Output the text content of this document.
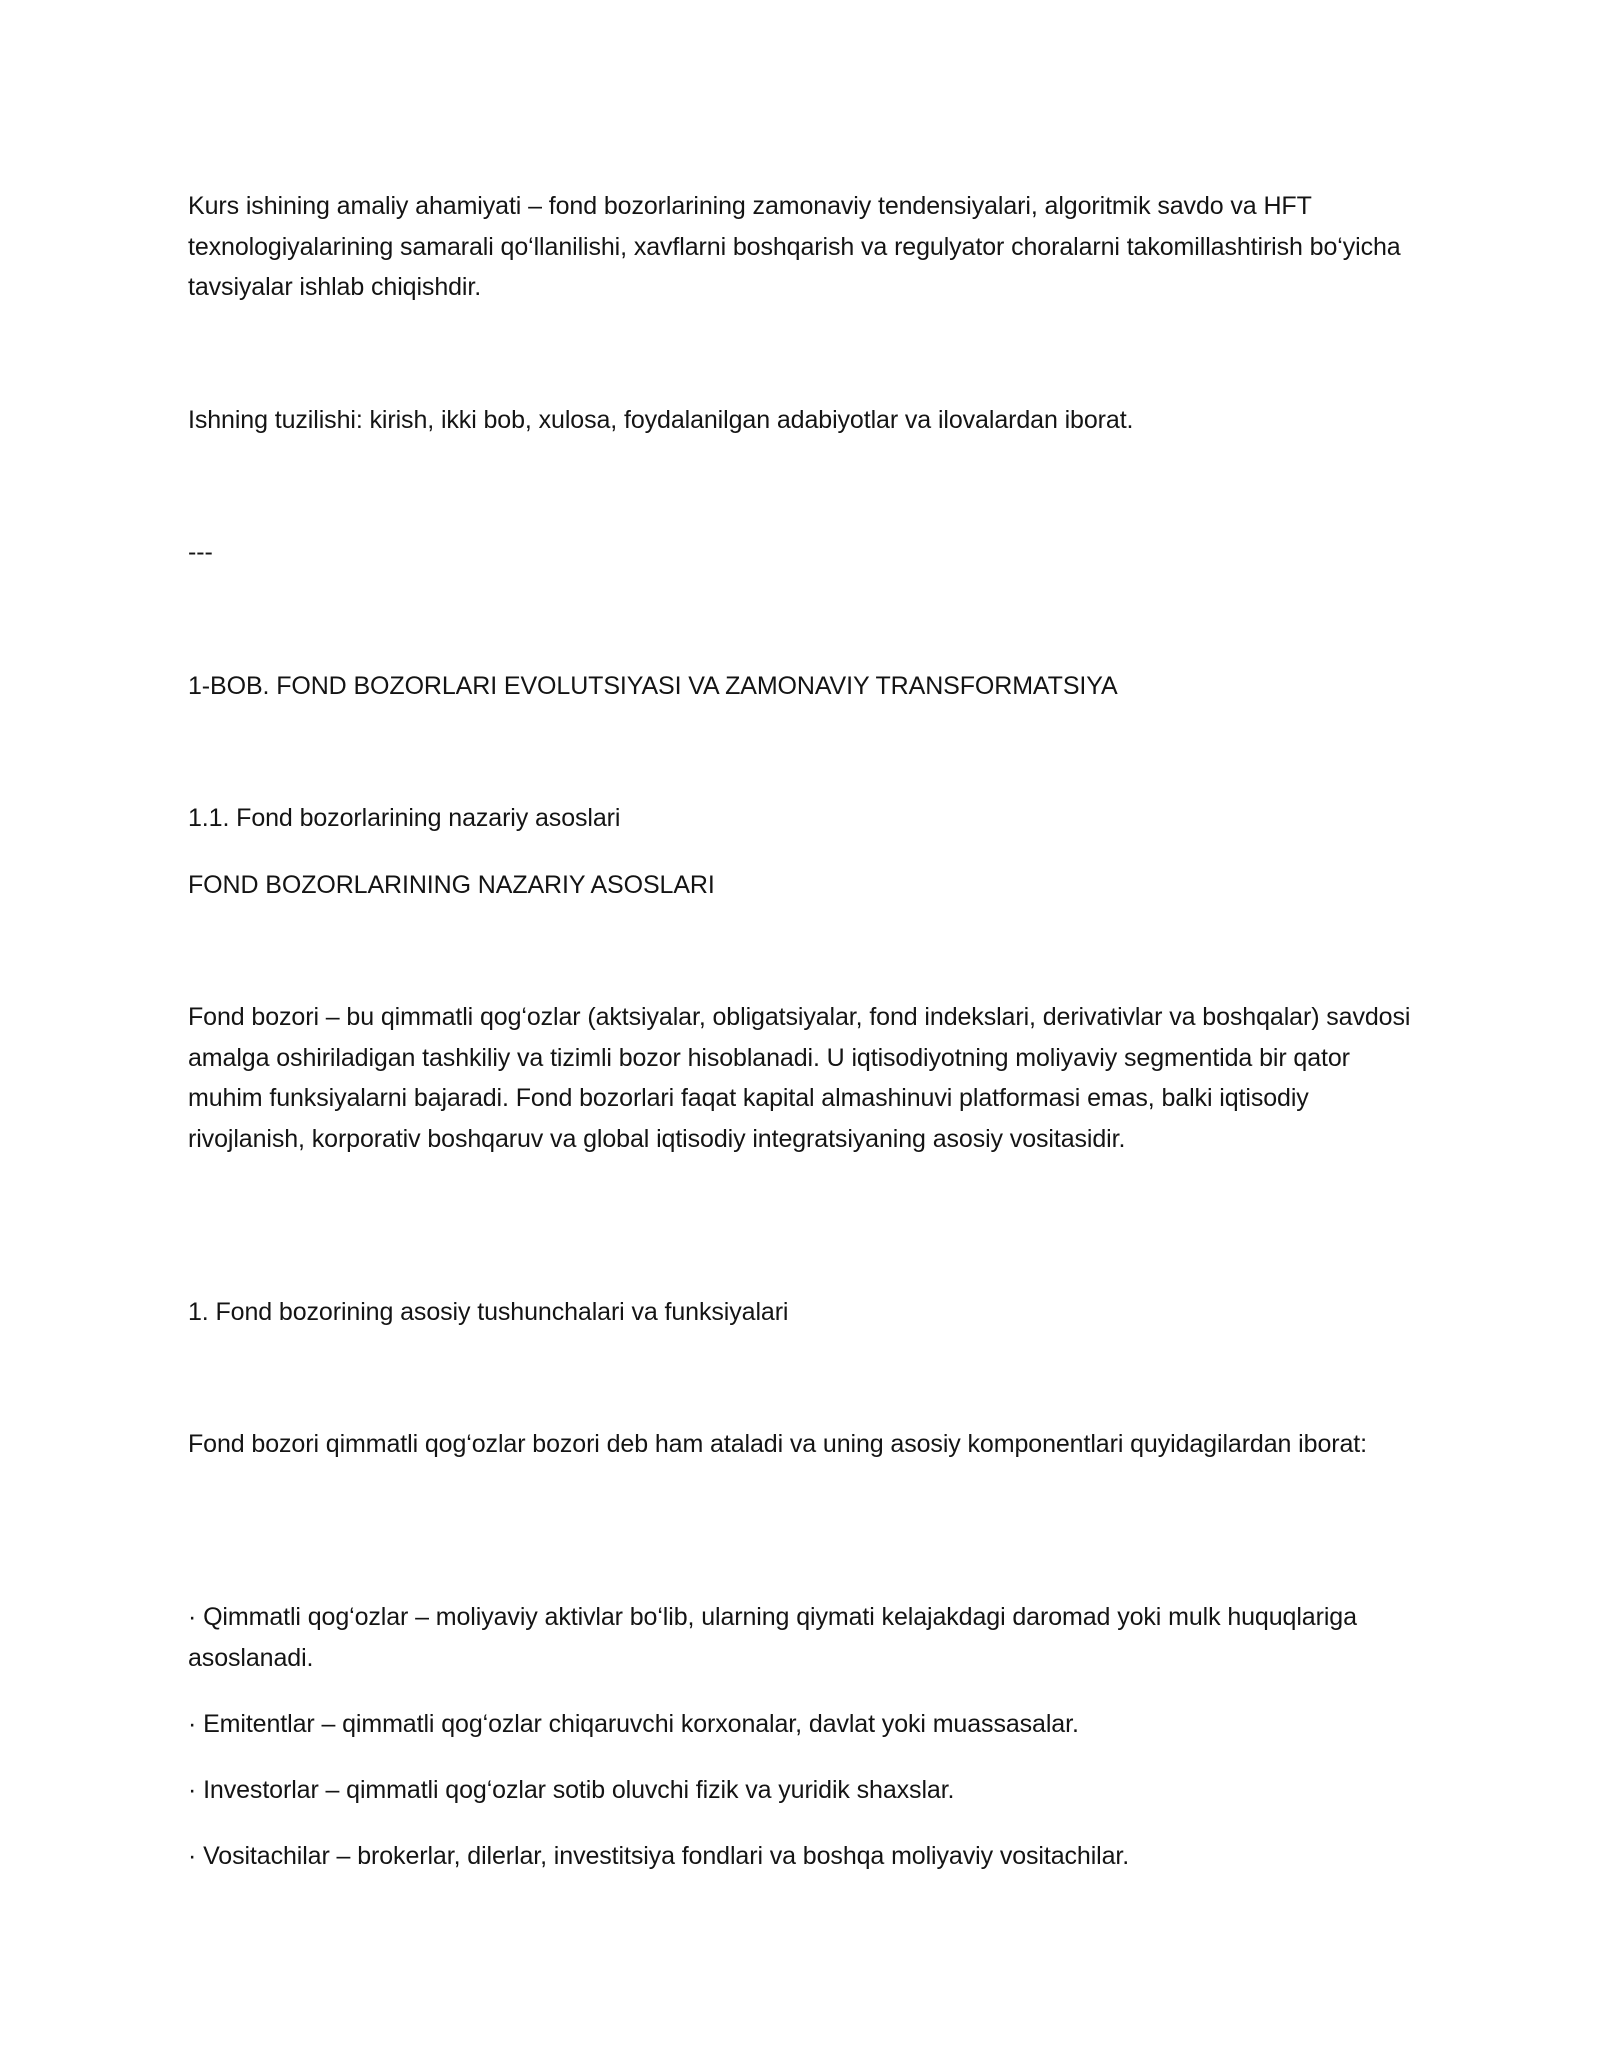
Kurs ishining amaliy ahamiyati – fond bozorlarining zamonaviy tendensiyalari, algoritmik savdo va HFT texnologiyalarining samarali qo‘llanilishi, xavflarni boshqarish va regulyator choralarni takomillashtirish bo‘yicha tavsiyalar ishlab chiqishdir.

Ishning tuzilishi: kirish, ikki bob, xulosa, foydalanilgan adabiyotlar va ilovalardan iborat.

---

1-BOB. FOND BOZORLARI EVOLUTSIYASI VA ZAMONAVIY TRANSFORMATSIYA

1.1. Fond bozorlarining nazariy asoslari

FOND BOZORLARINING NAZARIY ASOSLARI

Fond bozori – bu qimmatli qog‘ozlar (aktsiyalar, obligatsiyalar, fond indekslari, derivativlar va boshqalar) savdosi amalga oshiriladigan tashkiliy va tizimli bozor hisoblanadi. U iqtisodiyotning moliyaviy segmentida bir qator muhim funksiyalarni bajaradi. Fond bozorlari faqat kapital almashinuvi platformasi emas, balki iqtisodiy rivojlanish, korporativ boshqaruv va global iqtisodiy integratsiyaning asosiy vositasidir.

1. Fond bozorining asosiy tushunchalari va funksiyalari

Fond bozori qimmatli qog‘ozlar bozori deb ham ataladi va uning asosiy komponentlari quyidagilardan iborat:

· Qimmatli qog‘ozlar – moliyaviy aktivlar bo‘lib, ularning qiymati kelajakdagi daromad yoki mulk huquqlariga asoslanadi.

· Emitentlar – qimmatli qog‘ozlar chiqaruvchi korxonalar, davlat yoki muassasalar.

· Investorlar – qimmatli qog‘ozlar sotib oluvchi fizik va yuridik shaxslar.

· Vositachilar – brokerlar, dilerlar, investitsiya fondlari va boshqa moliyaviy vositachilar.
